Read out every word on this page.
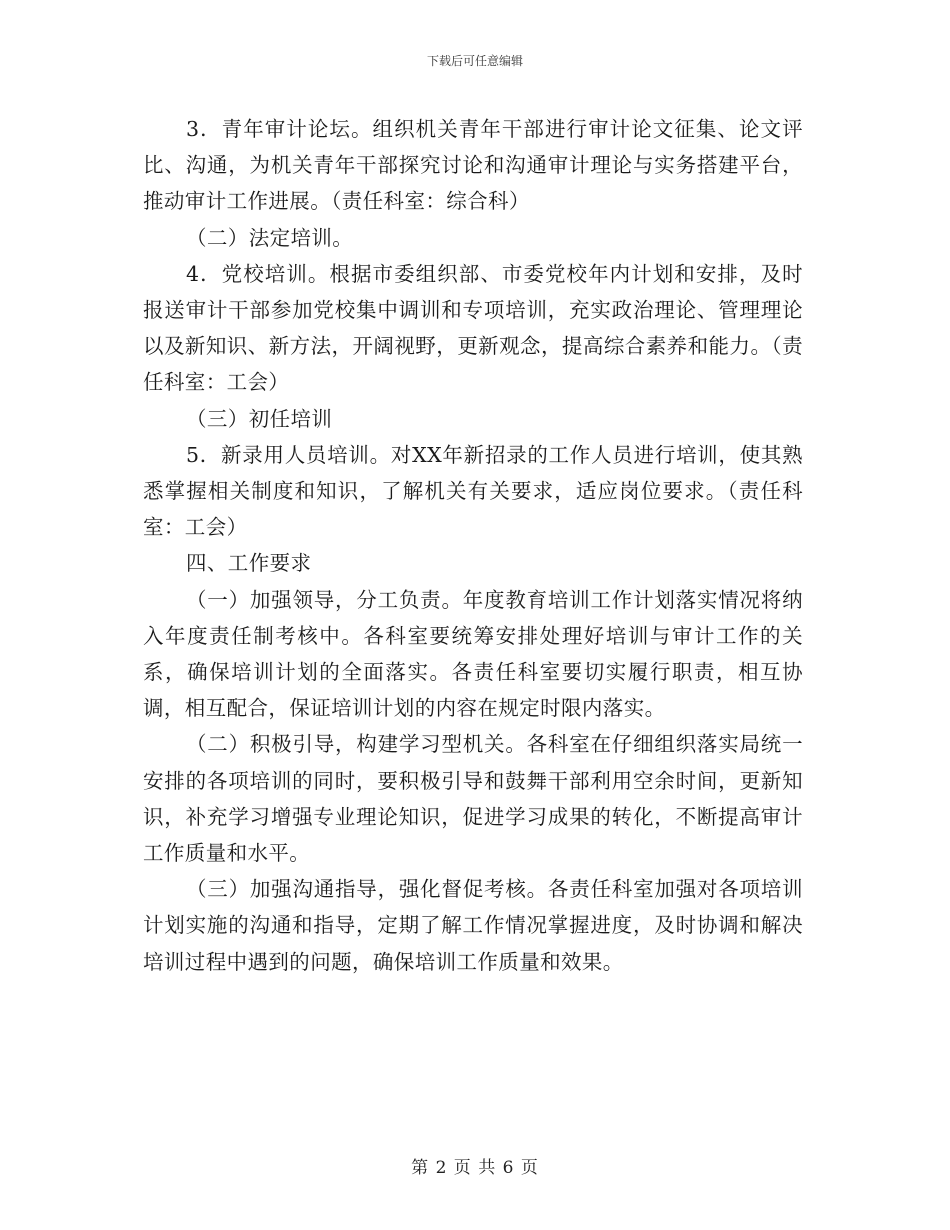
下载后可任意编辑

3．青年审计论坛。组织机关青年干部进行审计论文征集、论文评比、沟通，为机关青年干部探究讨论和沟通审计理论与实务搭建平台，推动审计工作进展。（责任科室：综合科）

（二）法定培训。

4．党校培训。根据市委组织部、市委党校年内计划和安排，及时报送审计干部参加党校集中调训和专项培训，充实政治理论、管理理论以及新知识、新方法，开阔视野，更新观念，提高综合素养和能力。（责任科室：工会）

（三）初任培训

5．新录用人员培训。对XX年新招录的工作人员进行培训，使其熟悉掌握相关制度和知识，了解机关有关要求，适应岗位要求。（责任科室：工会）

四、工作要求

（一）加强领导，分工负责。年度教育培训工作计划落实情况将纳入年度责任制考核中。各科室要统筹安排处理好培训与审计工作的关系，确保培训计划的全面落实。各责任科室要切实履行职责，相互协调，相互配合，保证培训计划的内容在规定时限内落实。

（二）积极引导，构建学习型机关。各科室在仔细组织落实局统一安排的各项培训的同时，要积极引导和鼓舞干部利用空余时间，更新知识，补充学习增强专业理论知识，促进学习成果的转化，不断提高审计工作质量和水平。

（三）加强沟通指导，强化督促考核。各责任科室加强对各项培训计划实施的沟通和指导，定期了解工作情况掌握进度，及时协调和解决培训过程中遇到的问题，确保培训工作质量和效果。

第 2 页 共 6 页
